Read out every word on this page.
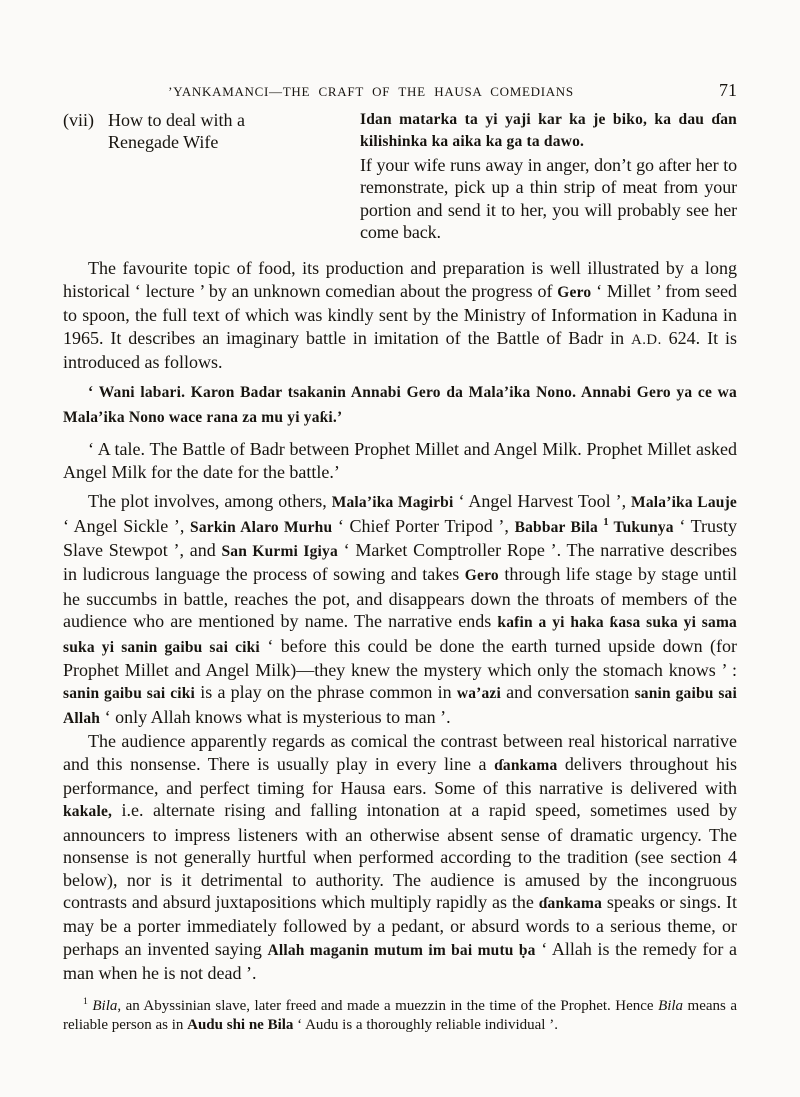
’YANKAMANCI—THE CRAFT OF THE HAUSA COMEDIANS	71
(vii) How to deal with a Renegade Wife

Idan matarka ta yi yaji kar ka je biko, ka dau ɗan kilishinka ka aika ka ga ta dawo.

If your wife runs away in anger, don’t go after her to remonstrate, pick up a thin strip of meat from your portion and send it to her, you will probably see her come back.

The favourite topic of food, its production and preparation is well illustrated by a long historical ‘ lecture ’ by an unknown comedian about the progress of Gero ‘ Millet ’ from seed to spoon, the full text of which was kindly sent by the Ministry of Information in Kaduna in 1965. It describes an imaginary battle in imitation of the Battle of Badr in A.D. 624. It is introduced as follows.

‘ Wani labari. Karon Badar tsakanin Annabi Gero da Mala’ika Nono. Annabi Gero ya ce wa Mala’ika Nono wace rana za mu yi yaƙi.’

‘ A tale. The Battle of Badr between Prophet Millet and Angel Milk. Prophet Millet asked Angel Milk for the date for the battle.’

The plot involves, among others, Mala’ika Magirbi ‘ Angel Harvest Tool ’, Mala’ika Lauje ‘ Angel Sickle ’, Sarkin Alaro Murhu ‘ Chief Porter Tripod ’, Babbar Bila $^1$ Tukunya ‘ Trusty Slave Stewpot ’, and San Kurmi Igiya ‘ Market Comptroller Rope ’. The narrative describes in ludicrous language the process of sowing and takes Gero through life stage by stage until he succumbs in battle, reaches the pot, and disappears down the throats of members of the audience who are mentioned by name. The narrative ends kafin a yi haka ƙasa suka yi sama suka yi sanin gaibu sai ciki ‘ before this could be done the earth turned upside down (for Prophet Millet and Angel Milk)—they knew the mystery which only the stomach knows ’ : sanin gaibu sai ciki is a play on the phrase common in wa’azi and conversation sanin gaibu sai Allah ‘ only Allah knows what is mysterious to man ’.

The audience apparently regards as comical the contrast between real historical narrative and this nonsense. There is usually play in every line a ɗankama delivers throughout his performance, and perfect timing for Hausa ears. Some of this narrative is delivered with kakale, i.e. alternate rising and falling intonation at a rapid speed, sometimes used by announcers to impress listeners with an otherwise absent sense of dramatic urgency. The nonsense is not generally hurtful when performed according to the tradition (see section 4 below), nor is it detrimental to authority. The audience is amused by the incongruous contrasts and absurd juxtapositions which multiply rapidly as the ɗankama speaks or sings. It may be a porter immediately followed by a pedant, or absurd words to a serious theme, or perhaps an invented saying Allah maganin mutum im bai mutu ḅa ‘ Allah is the remedy for a man when he is not dead ’.

$^1$ Bila, an Abyssinian slave, later freed and made a muezzin in the time of the Prophet. Hence Bila means a reliable person as in Audu shi ne Bila ‘ Audu is a thoroughly reliable individual ’.
